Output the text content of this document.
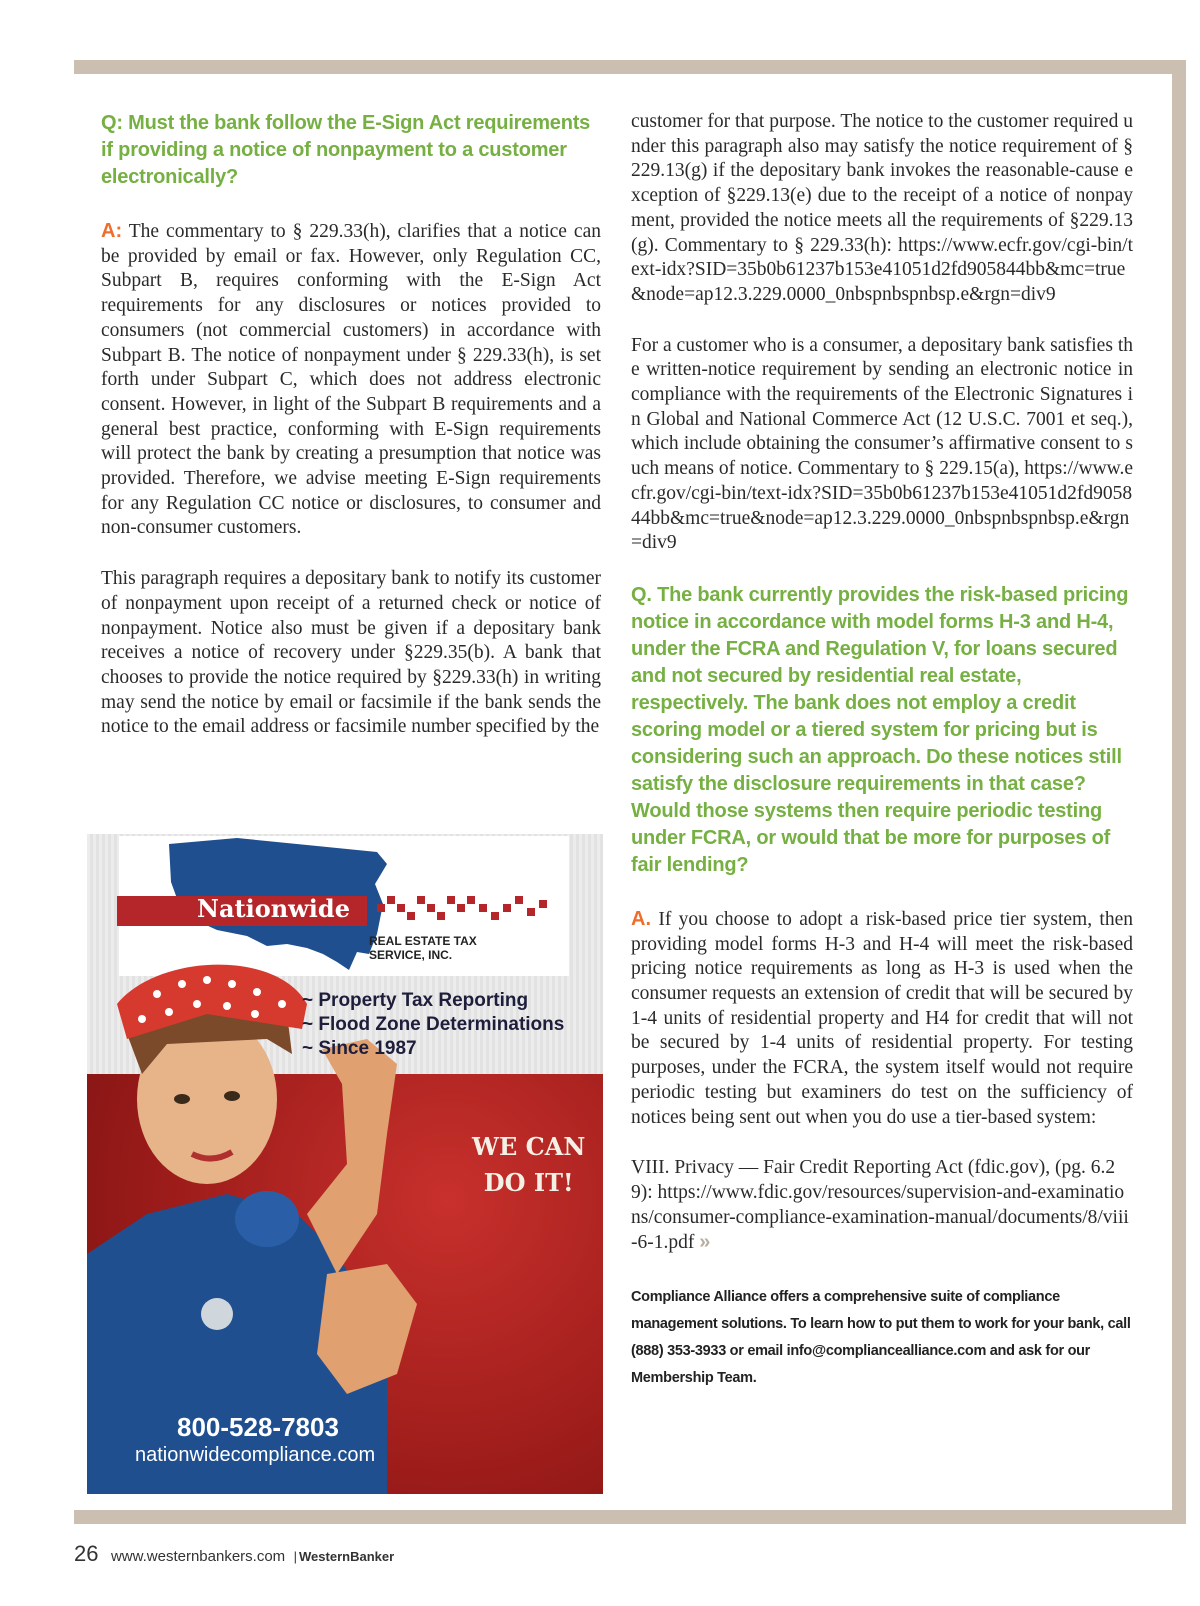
Q: Must the bank follow the E-Sign Act requirements if providing a notice of nonpayment to a customer electronically?

A: The commentary to § 229.33(h), clarifies that a notice can be provided by email or fax. However, only Regulation CC, Subpart B, requires conforming with the E-Sign Act requirements for any disclosures or notices provided to consumers (not commercial customers) in accordance with Subpart B. The notice of nonpayment under § 229.33(h), is set forth under Subpart C, which does not address electronic consent. However, in light of the Subpart B requirements and a general best practice, conforming with E-Sign requirements will protect the bank by creating a presumption that notice was provided. Therefore, we advise meeting E-Sign requirements for any Regulation CC notice or disclosures, to consumer and non-consumer customers.

This paragraph requires a depositary bank to notify its customer of nonpayment upon receipt of a returned check or notice of nonpayment. Notice also must be given if a depositary bank receives a notice of recovery under §229.35(b). A bank that chooses to provide the notice required by §229.33(h) in writing may send the notice by email or facsimile if the bank sends the notice to the email address or facsimile number specified by the

customer for that purpose. The notice to the customer required under this paragraph also may satisfy the notice requirement of §229.13(g) if the depositary bank invokes the reasonable-cause exception of §229.13(e) due to the receipt of a notice of nonpayment, provided the notice meets all the requirements of §229.13(g). Commentary to § 229.33(h): https://www.ecfr.gov/cgi-bin/text-idx?SID=35b0b61237b153e41051d2fd905844bb&mc=true&node=ap12.3.229.0000_0nbspnbspnbsp.e&rgn=div9

For a customer who is a consumer, a depositary bank satisfies the written-notice requirement by sending an electronic notice in compliance with the requirements of the Electronic Signatures in Global and National Commerce Act (12 U.S.C. 7001 et seq.), which include obtaining the consumer’s affirmative consent to such means of notice. Commentary to § 229.15(a), https://www.ecfr.gov/cgi-bin/text-idx?SID=35b0b61237b153e41051d2fd905844bb&mc=true&node=ap12.3.229.0000_0nbspnbspnbsp.e&rgn=div9

Q. The bank currently provides the risk-based pricing notice in accordance with model forms H-3 and H-4, under the FCRA and Regulation V, for loans secured and not secured by residential real estate, respectively. The bank does not employ a credit scoring model or a tiered system for pricing but is considering such an approach. Do these notices still satisfy the disclosure requirements in that case? Would those systems then require periodic testing under FCRA, or would that be more for purposes of fair lending?

A. If you choose to adopt a risk-based price tier system, then providing model forms H-3 and H-4 will meet the risk-based pricing notice requirements as long as H-3 is used when the consumer requests an extension of credit that will be secured by 1-4 units of residential property and H4 for credit that will not be secured by 1-4 units of residential property. For testing purposes, under the FCRA, the system itself would not require periodic testing but examiners do test on the sufficiency of notices being sent out when you do use a tier-based system:

VIII. Privacy — Fair Credit Reporting Act (fdic.gov), (pg. 6.29): https://www.fdic.gov/resources/supervision-and-examinations/consumer-compliance-examination-manual/documents/8/viii-6-1.pdf »

Compliance Alliance offers a comprehensive suite of compliance management solutions. To learn how to put them to work for your bank, call (888) 353-3933 or email info@compliancealliance.com and ask for our Membership Team.

Nationwide
REAL ESTATE TAX
SERVICE, INC.
~ Property Tax Reporting
~ Flood Zone Determinations
~ Since 1987
WE CAN
DO IT!
800-528-7803
nationwidecompliance.com
26 www.westernbankers.com | WesternBanker
